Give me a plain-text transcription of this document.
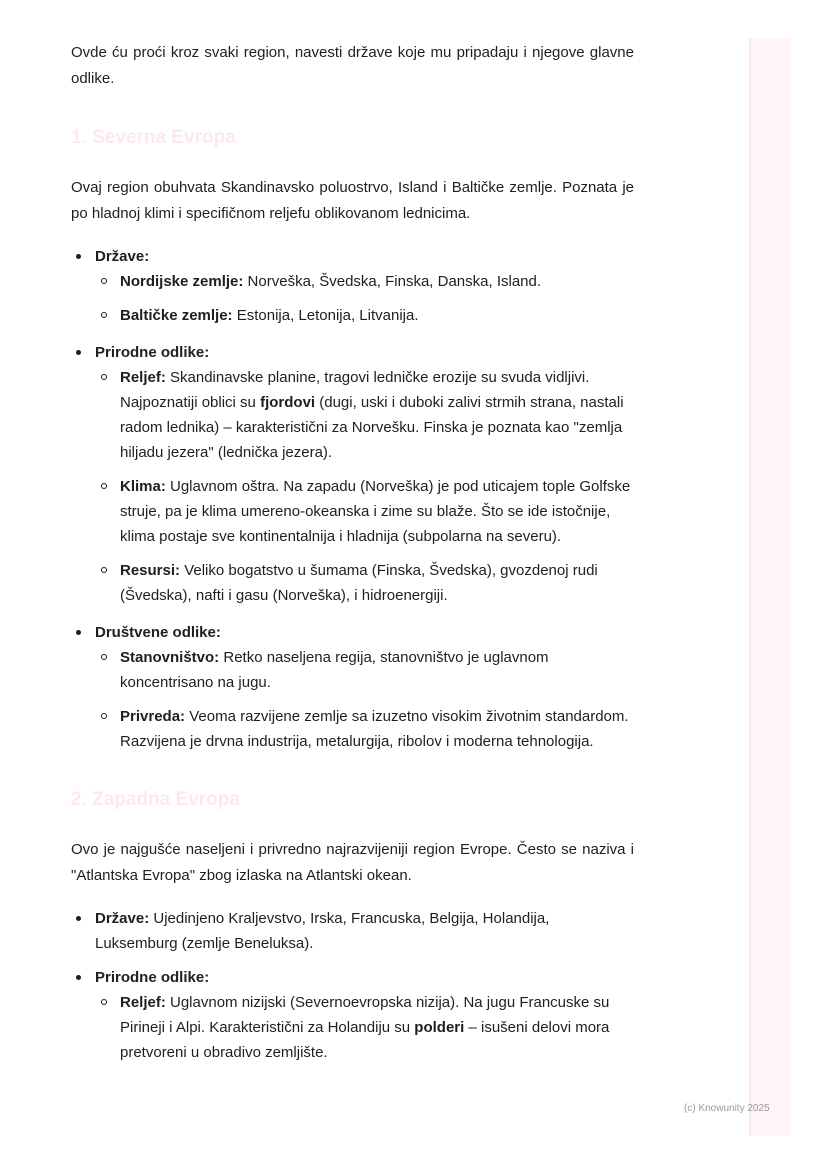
Ovde ću proći kroz svaki region, navesti države koje mu pripadaju i njegove glavne odlike.

1. Severna Evropa

Ovaj region obuhvata Skandinavsko poluostrvo, Island i Baltičke zemlje. Poznata je po hladnoj klimi i specifičnom reljefu oblikovanom lednicima.

Države:
Nordijske zemlje: Norveška, Švedska, Finska, Danska, Island.
Baltičke zemlje: Estonija, Letonija, Litvanija.
Prirodne odlike:
Reljef: Skandinavske planine, tragovi ledničke erozije su svuda vidljivi. Najpoznatiji oblici su fjordovi (dugi, uski i duboki zalivi strmih strana, nastali radom lednika) – karakteristični za Norvešku. Finska je poznata kao "zemlja hiljadu jezera" (lednička jezera).
Klima: Uglavnom oštra. Na zapadu (Norveška) je pod uticajem tople Golfske struje, pa je klima umereno-okeanska i zime su blaže. Što se ide istočnije, klima postaje sve kontinentalnija i hladnija (subpolarna na severu).
Resursi: Veliko bogatstvo u šumama (Finska, Švedska), gvozdenoj rudi (Švedska), nafti i gasu (Norveška), i hidroenergiji.
Društvene odlike:
Stanovništvo: Retko naseljena regija, stanovništvo je uglavnom koncentrisano na jugu.
Privreda: Veoma razvijene zemlje sa izuzetno visokim životnim standardom. Razvijena je drvna industrija, metalurgija, ribolov i moderna tehnologija.
2. Zapadna Evropa

Ovo je najgušće naseljeni i privredno najrazvijeniji region Evrope. Često se naziva i "Atlantska Evropa" zbog izlaska na Atlantski okean.

Države: Ujedinjeno Kraljevstvo, Irska, Francuska, Belgija, Holandija, Luksemburg (zemlje Beneluksa).
Prirodne odlike:
Reljef: Uglavnom nizijski (Severnoevropska nizija). Na jugu Francuske su Pirineji i Alpi. Karakteristični za Holandiju su polderi – isušeni delovi mora pretvoreni u obradivo zemljište.
(c) Knowunity 2025
